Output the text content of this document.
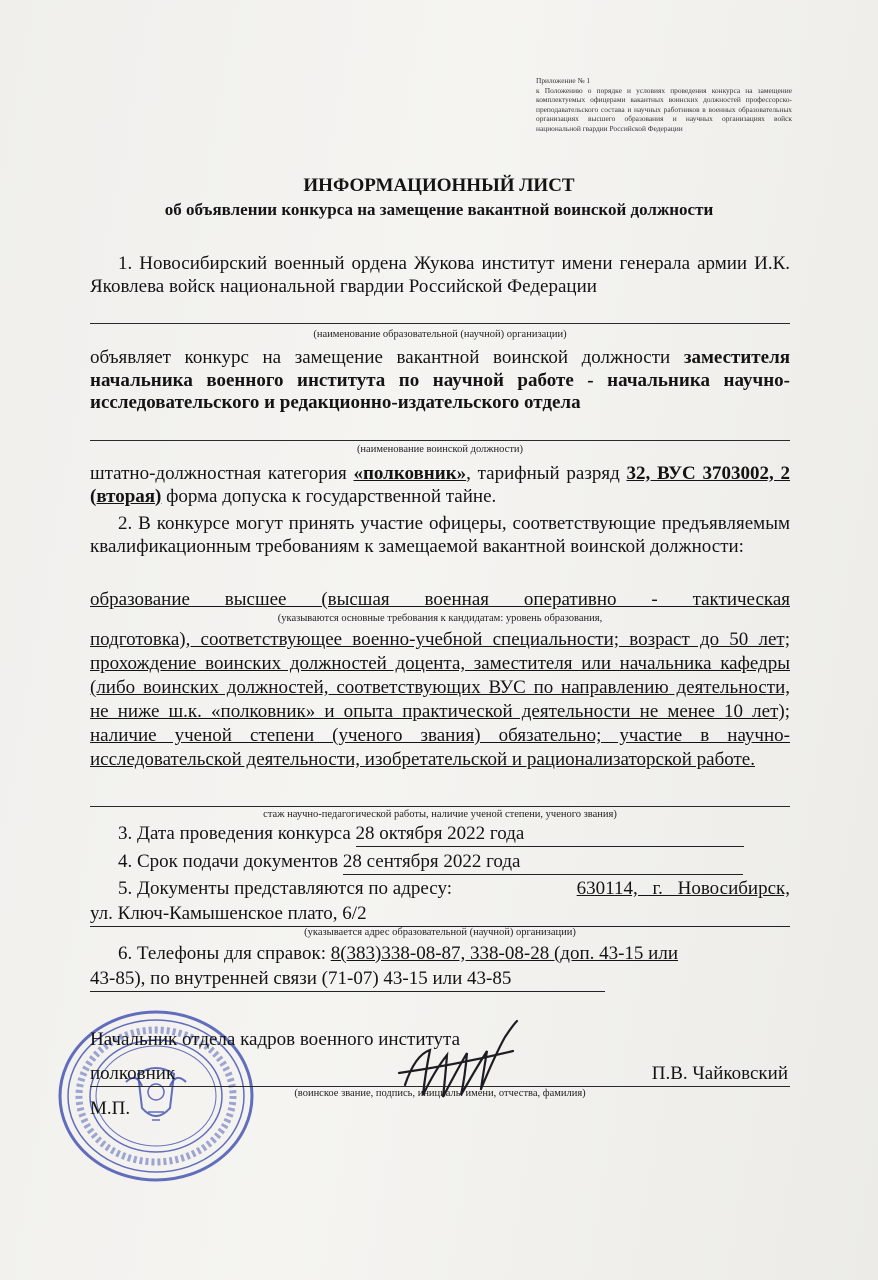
Приложение № 1
к Положению о порядке и условиях проведения конкурса на замещение комплектуемых офицерами вакантных воинских должностей профессорско-преподавательского состава и научных работников в военных образовательных организациях высшего образования и научных организациях войск национальной гвардии Российской Федерации
ИНФОРМАЦИОННЫЙ ЛИСТ
об объявлении конкурса на замещение вакантной воинской должности
1. Новосибирский военный ордена Жукова институт имени генерала армии И.К. Яковлева войск национальной гвардии Российской Федерации
(наименование образовательной (научной) организации)
объявляет конкурс на замещение вакантной воинской должности заместителя начальника военного института по научной работе - начальника научно-исследовательского и редакционно-издательского отдела
(наименование воинской должности)
штатно-должностная категория «полковник», тарифный разряд 32, ВУС 3703002, 2 (вторая) форма допуска к государственной тайне.
2. В конкурсе могут принять участие офицеры, соответствующие предъявляемым квалификационным требованиям к замещаемой вакантной воинской должности:
образование высшее (высшая военная оперативно - тактическая
(указываются основные требования к кандидатам: уровень образования,
подготовка), соответствующее военно-учебной специальности; возраст до 50 лет; прохождение воинских должностей доцента, заместителя или начальника кафедры (либо воинских должностей, соответствующих ВУС по направлению деятельности, не ниже ш.к. «полковник» и опыта практической деятельности не менее 10 лет); наличие ученой степени (ученого звания) обязательно; участие в научно-исследовательской деятельности, изобретательской и рационализаторской работе.
стаж научно-педагогической работы, наличие ученой степени, ученого звания)
3. Дата проведения конкурса 28 октября 2022 года
4. Срок подачи документов 28 сентября 2022 года
5. Документы представляются по адресу:	630114, г. Новосибирск,
ул. Ключ-Камышенское плато, 6/2
(указывается адрес образовательной (научной) организации)
6. Телефоны для справок: 8(383)338-08-87, 338-08-28 (доп. 43-15 или
43-85), по внутренней связи (71-07) 43-15 или 43-85
Начальник отдела кадров военного института
полковник	П.В. Чайковский
(воинское звание, подпись, инициалы имени, отчества, фамилия)
М.П.
